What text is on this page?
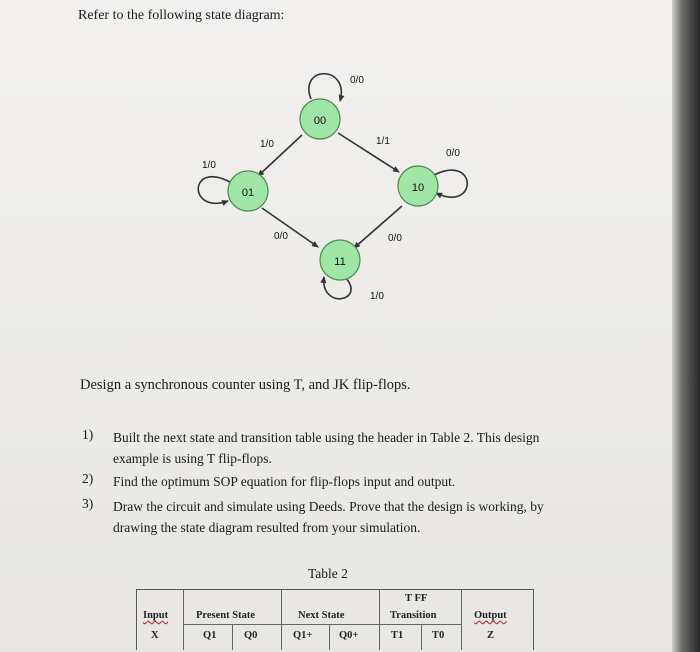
Refer to the following state diagram:
00
01	10
11
0/0
1/0
1/0
1/1
0/0
0/0	0/0
1/0
Design a synchronous counter using T, and JK flip-flops.
1) Built the next state and transition table using the header in Table 2. This design example is using T flip-flops.
2) Find the optimum SOP equation for flip-flops input and output.
3) Draw the circuit and simulate using Deeds. Prove that the design is working, by drawing the state diagram resulted from your simulation.
Table 2
Input
X
Present State
Q1	Q0
Next State
Q1+	Q0+
T FF
Transition
T1	T0
Output
Z
